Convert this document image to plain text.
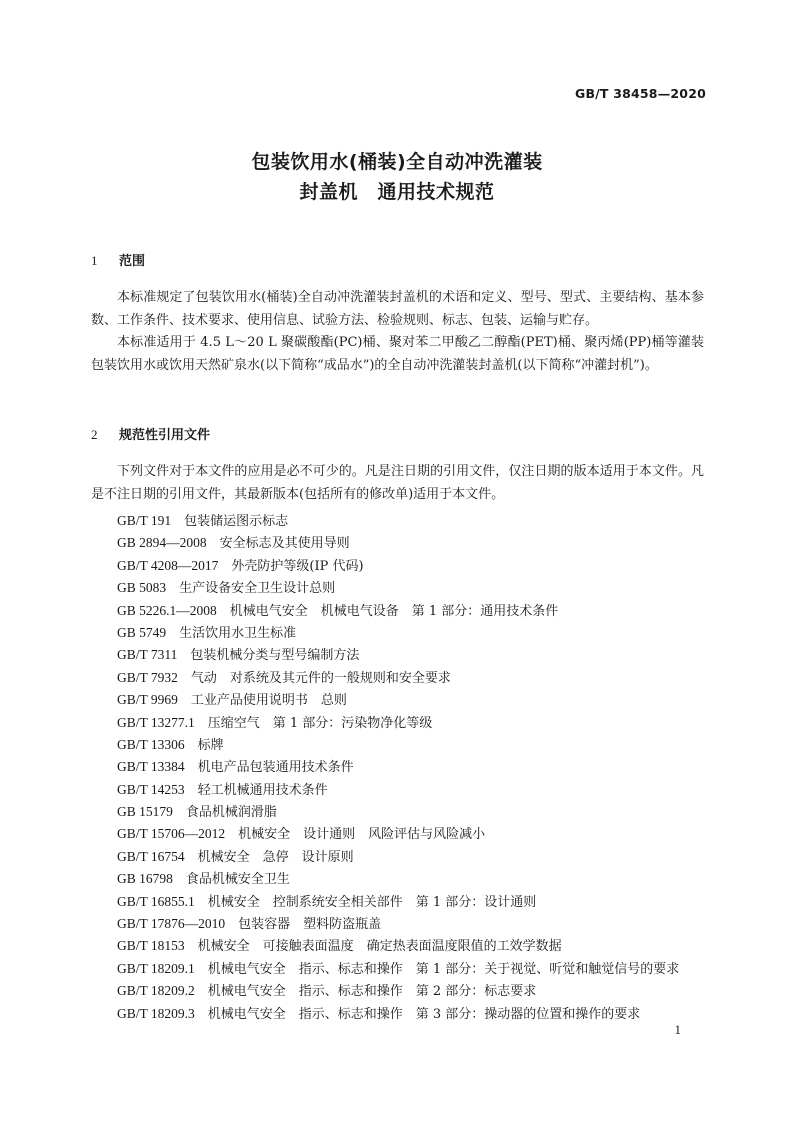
GB/T 38458—2020
包装饮用水(桶装)全自动冲洗灌装
封盖机　通用技术规范
1 范围
本标准规定了包装饮用水(桶装)全自动冲洗灌装封盖机的术语和定义、型号、型式、主要结构、基本参数、工作条件、技术要求、使用信息、试验方法、检验规则、标志、包装、运输与贮存。
本标准适用于 4.5 L～20 L 聚碳酸酯(PC)桶、聚对苯二甲酸乙二醇酯(PET)桶、聚丙烯(PP)桶等灌装包装饮用水或饮用天然矿泉水(以下简称“成品水”)的全自动冲洗灌装封盖机(以下简称“冲灌封机”)。
2 规范性引用文件
下列文件对于本文件的应用是必不可少的。凡是注日期的引用文件，仅注日期的版本适用于本文件。凡是不注日期的引用文件，其最新版本(包括所有的修改单)适用于本文件。
GB/T 191 包装储运图示标志
GB 2894—2008 安全标志及其使用导则
GB/T 4208—2017 外壳防护等级(IP 代码)
GB 5083 生产设备安全卫生设计总则
GB 5226.1—2008 机械电气安全　机械电气设备　第 1 部分：通用技术条件
GB 5749 生活饮用水卫生标准
GB/T 7311 包装机械分类与型号编制方法
GB/T 7932 气动　对系统及其元件的一般规则和安全要求
GB/T 9969 工业产品使用说明书　总则
GB/T 13277.1 压缩空气　第 1 部分：污染物净化等级
GB/T 13306 标牌
GB/T 13384 机电产品包装通用技术条件
GB/T 14253 轻工机械通用技术条件
GB 15179 食品机械润滑脂
GB/T 15706—2012 机械安全　设计通则　风险评估与风险减小
GB/T 16754 机械安全　急停　设计原则
GB 16798 食品机械安全卫生
GB/T 16855.1 机械安全　控制系统安全相关部件　第 1 部分：设计通则
GB/T 17876—2010 包装容器　塑料防盗瓶盖
GB/T 18153 机械安全　可接触表面温度　确定热表面温度限值的工效学数据
GB/T 18209.1 机械电气安全　指示、标志和操作　第 1 部分：关于视觉、听觉和触觉信号的要求
GB/T 18209.2 机械电气安全　指示、标志和操作　第 2 部分：标志要求
GB/T 18209.3 机械电气安全　指示、标志和操作　第 3 部分：操动器的位置和操作的要求
1
